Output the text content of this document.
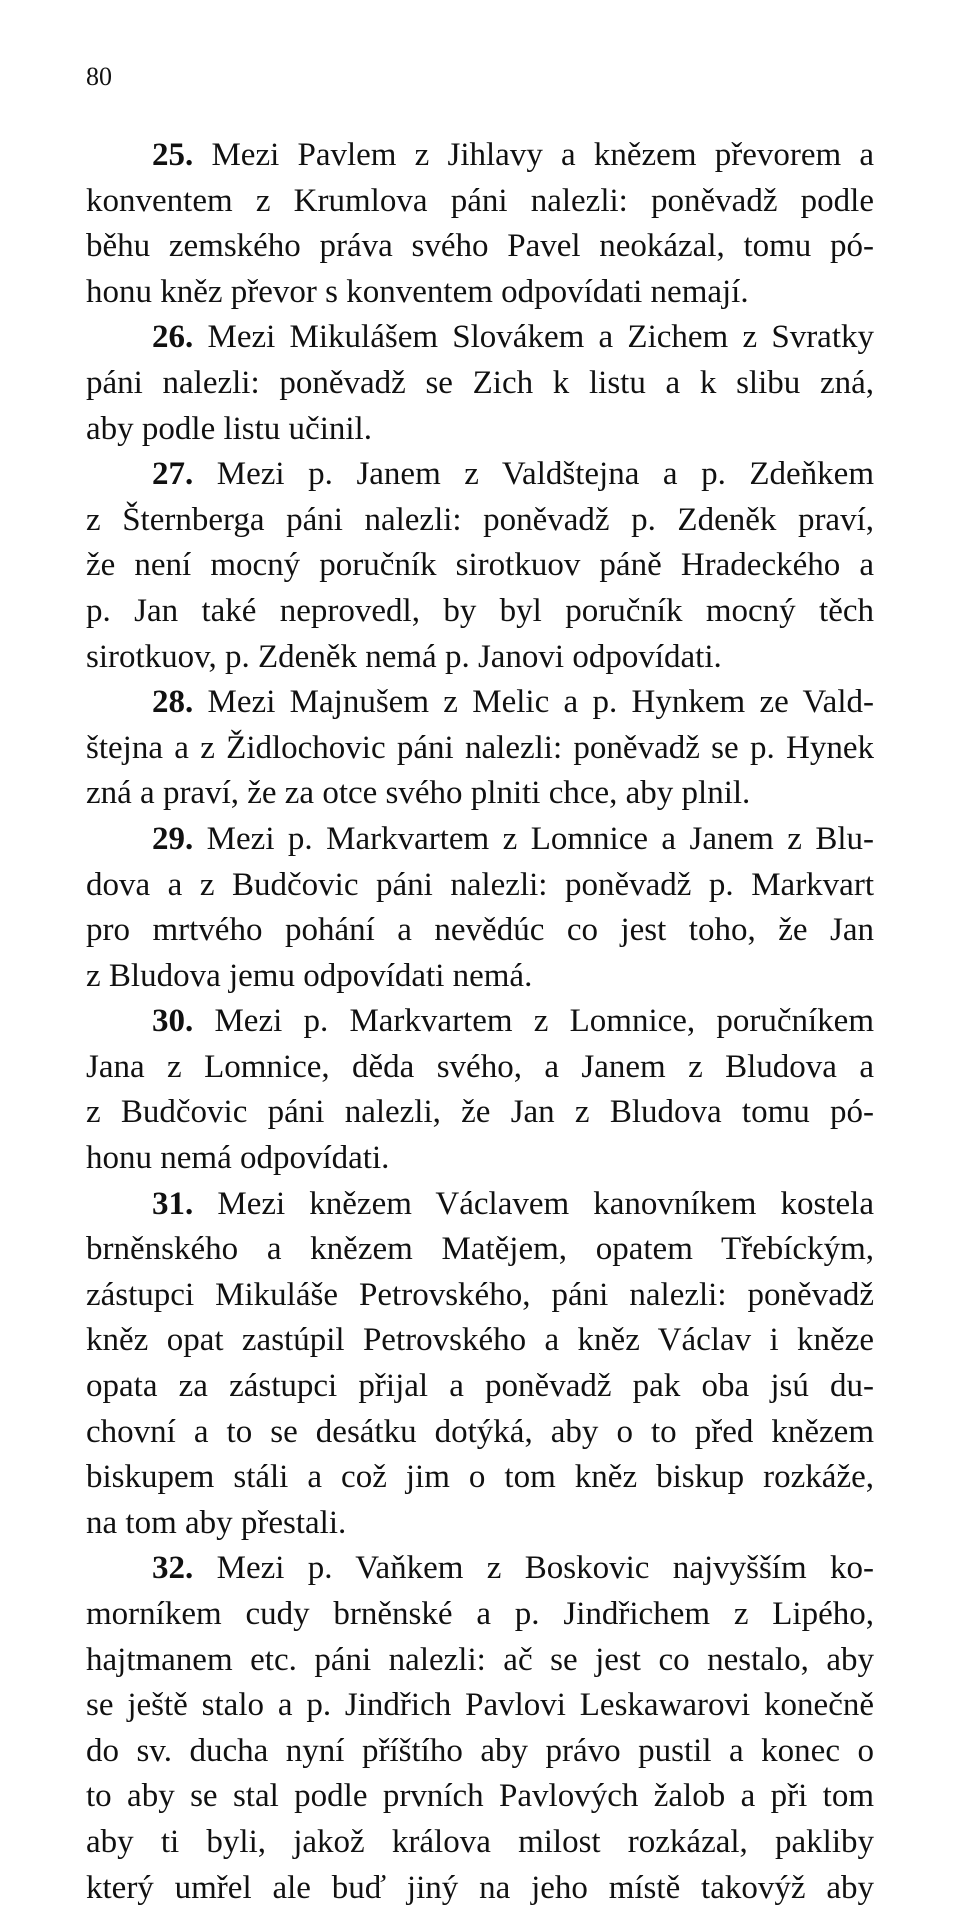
80
25. Mezi Pavlem z Jihlavy a knězem převorem a
konventem z Krumlova páni nalezli: poněvadž podle
běhu zemského práva svého Pavel neokázal, tomu pó-
honu kněz převor s konventem odpovídati nemají.
26. Mezi Mikulášem Slovákem a Zichem z Svratky
páni nalezli: poněvadž se Zich k listu a k slibu zná,
aby podle listu učinil.
27. Mezi p. Janem z Valdštejna a p. Zdeňkem
z Šternberga páni nalezli: poněvadž p. Zdeněk praví,
že není mocný poručník sirotkuov páně Hradeckého a
p. Jan také neprovedl, by byl poručník mocný těch
sirotkuov, p. Zdeněk nemá p. Janovi odpovídati.
28. Mezi Majnušem z Melic a p. Hynkem ze Vald-
štejna a z Židlochovic páni nalezli: poněvadž se p. Hynek
zná a praví, že za otce svého plniti chce, aby plnil.
29. Mezi p. Markvartem z Lomnice a Janem z Blu-
dova a z Budčovic páni nalezli: poněvadž p. Markvart
pro mrtvého pohání a nevědúc co jest toho, že Jan
z Bludova jemu odpovídati nemá.
30. Mezi p. Markvartem z Lomnice, poručníkem
Jana z Lomnice, děda svého, a Janem z Bludova a
z Budčovic páni nalezli, že Jan z Bludova tomu pó-
honu nemá odpovídati.
31. Mezi knězem Václavem kanovníkem kostela
brněnského a knězem Matějem, opatem Třebíckým,
zástupci Mikuláše Petrovského, páni nalezli: poněvadž
kněz opat zastúpil Petrovského a kněz Václav i kněze
opata za zástupci přijal a poněvadž pak oba jsú du-
chovní a to se desátku dotýká, aby o to před knězem
biskupem stáli a což jim o tom kněz biskup rozkáže,
na tom aby přestali.
32. Mezi p. Vaňkem z Boskovic najvyšším ko-
morníkem cudy brněnské a p. Jindřichem z Lipého,
hajtmanem etc. páni nalezli: ač se jest co nestalo, aby
se ještě stalo a p. Jindřich Pavlovi Leskawarovi konečně
do sv. ducha nyní příštího aby právo pustil a konec o
to aby se stal podle prvních Pavlových žalob a při tom
aby ti byli, jakož králova milost rozkázal, pakliby
který umřel ale buď jiný na jeho místě takovýž aby
